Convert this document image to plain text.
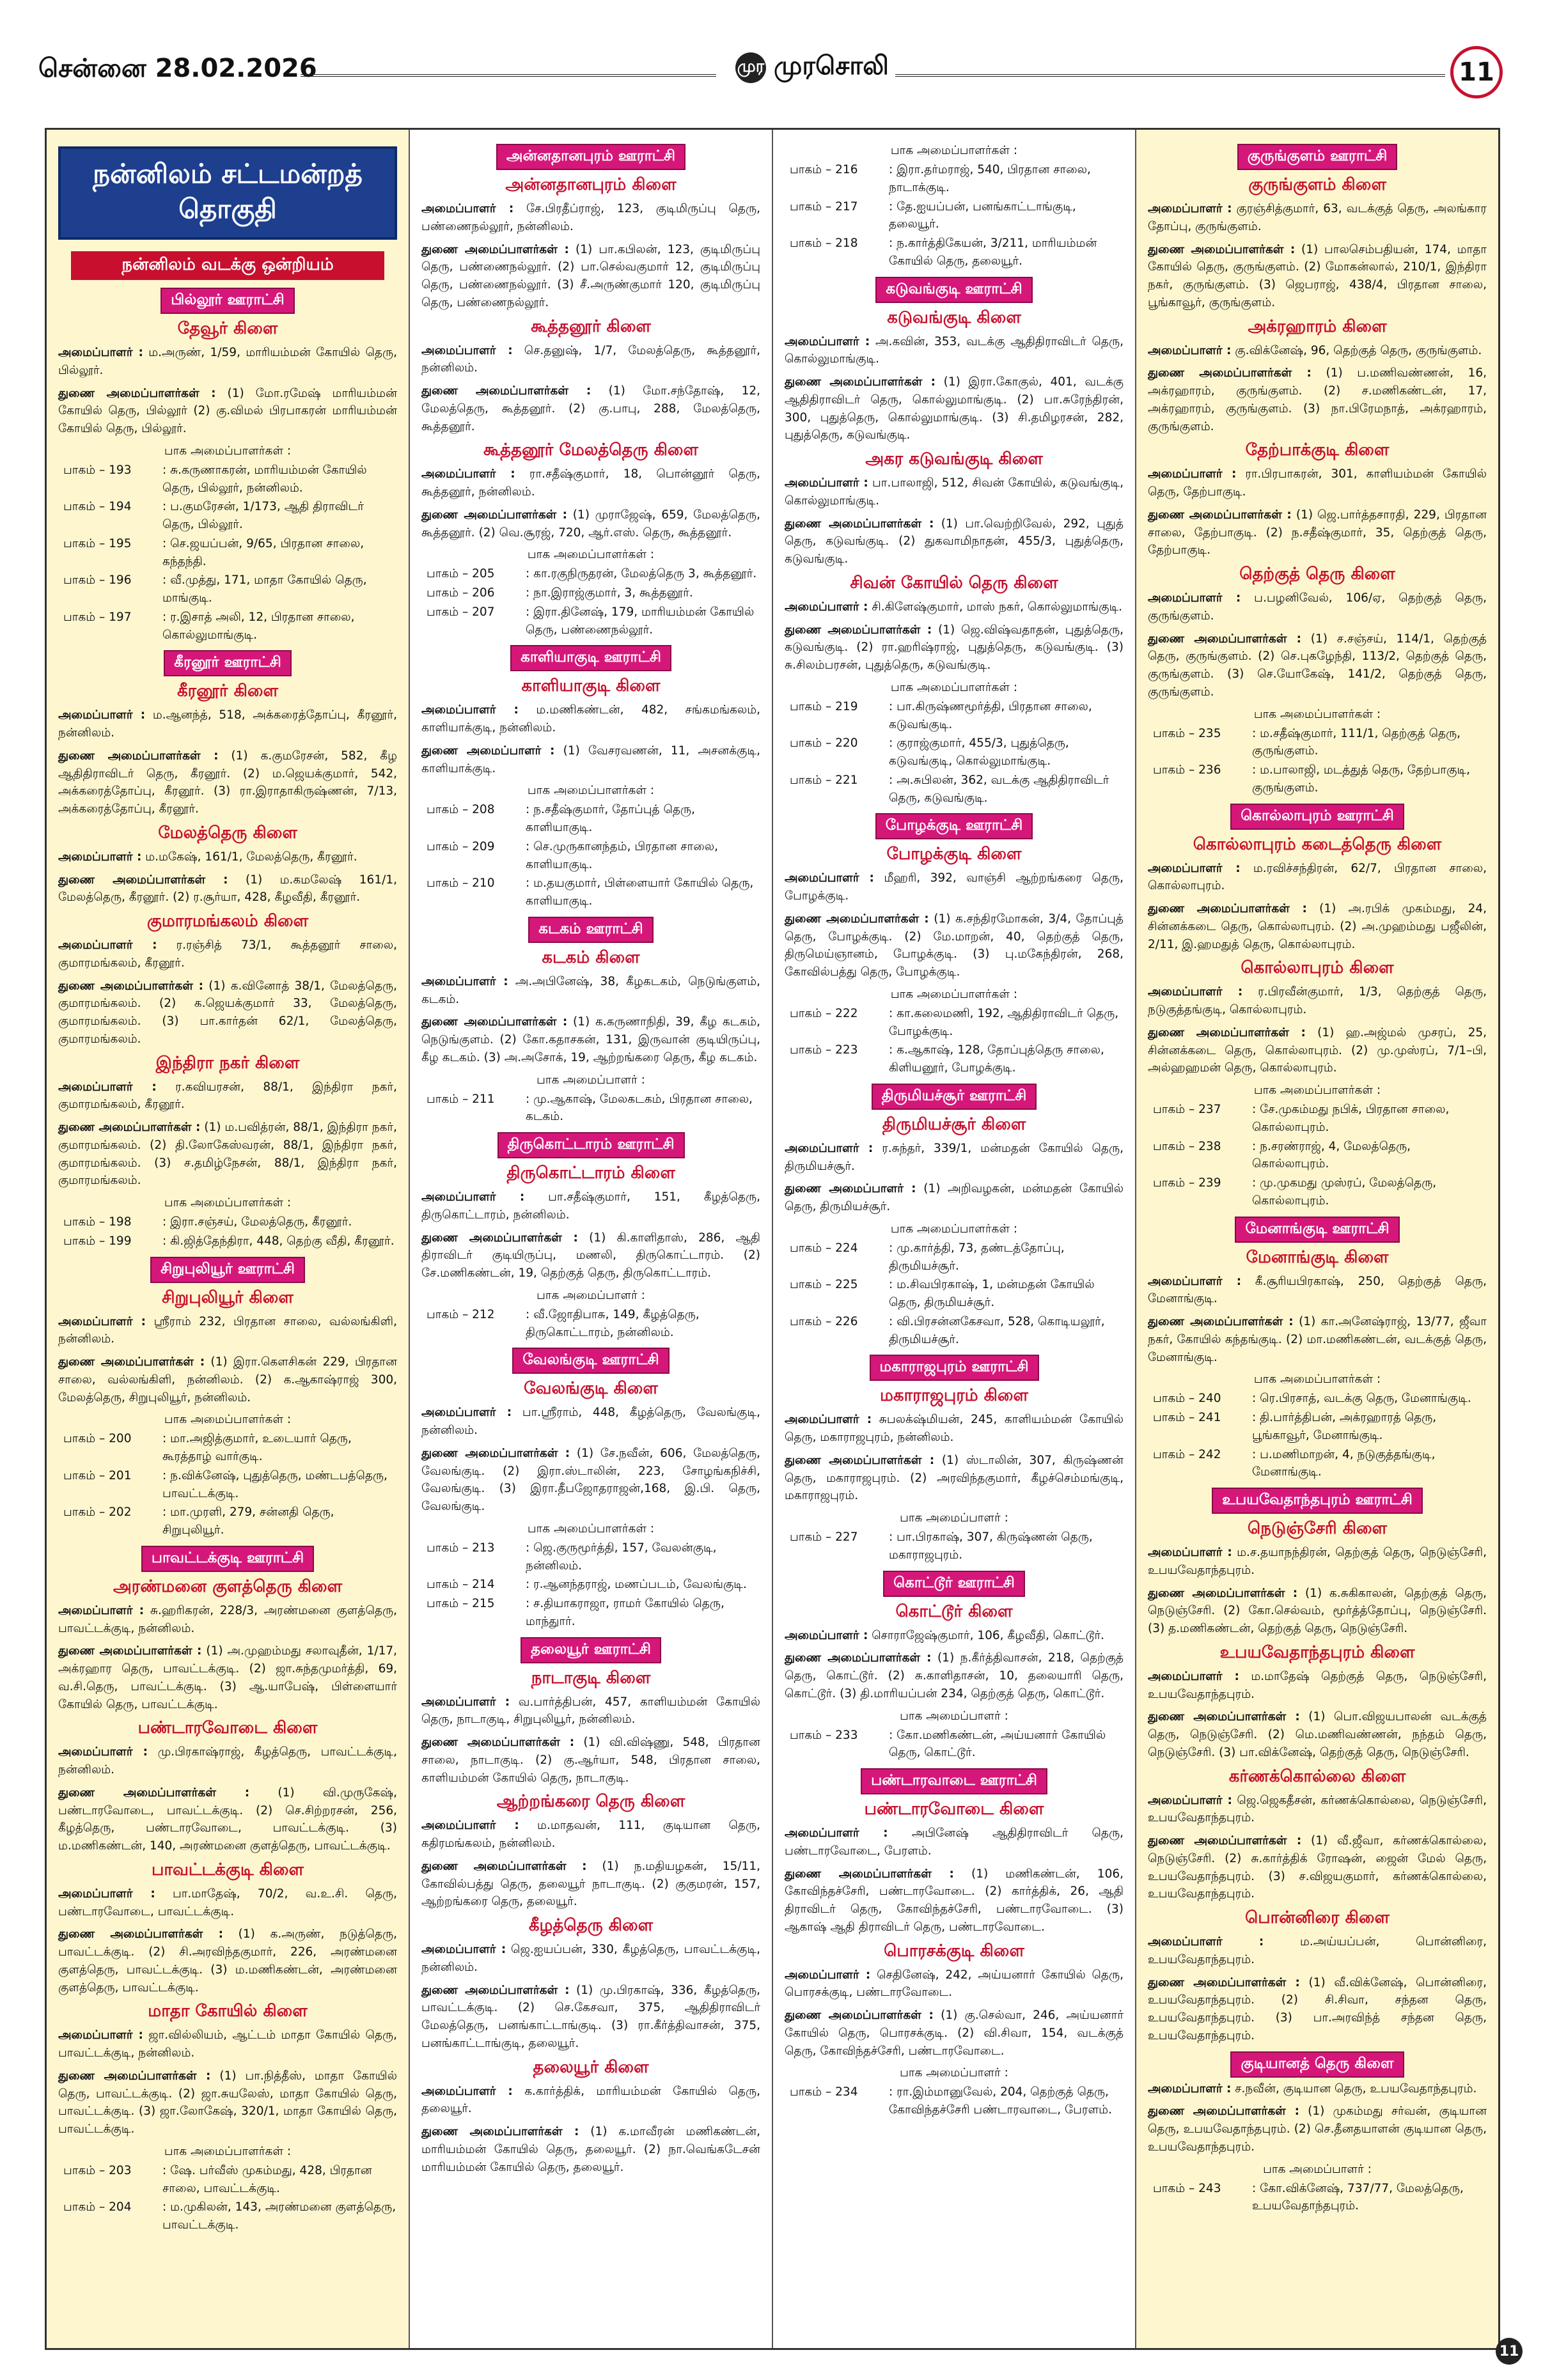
சென்னை 28.02.2026	முர முரசொலி	11
நன்னிலம் சட்டமன்றத் தொகுதி
நன்னிலம் வடக்கு ஒன்றியம்
பில்லூர் ஊராட்சி
தேவூர் கிளை

அமைப்பாளர் : ம.அருண், 1/59, மாரியம்மன் கோயில் தெரு, பில்லூர்.

துணை அமைப்பாளர்கள் : (1) மோ.ரமேஷ் மாரியம்மன் கோயில் தெரு, பில்லூர் (2) கு.விமல் பிரபாகரன் மாரியம்மன் கோயில் தெரு, பில்லூர்.

பாக அமைப்பாளர்கள் :
பாகம் – 193	: சு.கருணாகரன், மாரியம்மன் கோயில் தெரு, பில்லூர், நன்னிலம்.
பாகம் – 194	: ப.குமரேசன், 1/173, ஆதி திராவிடர் தெரு, பில்லூர்.
பாகம் – 195	: செ.ஜயப்பன், 9/65, பிரதான சாலை, கந்தந்தி.
பாகம் – 196	: வீ.முத்து, 171, மாதா கோயில் தெரு, மாங்குடி.
பாகம் – 197	: ர.இசாத் அலி, 12, பிரதான சாலை, கொல்லுமாங்குடி.
கீரனூர் ஊராட்சி
கீரனூர் கிளை

அமைப்பாளர் : ம.ஆனந்த், 518, அக்கரைத்தோப்பு, கீரனூர், நன்னிலம்.

துணை அமைப்பாளர்கள் : (1) க.குமரேசன், 582, கீழ ஆதிதிராவிடர் தெரு, கீரனூர். (2) ம.ஜெயக்குமார், 542, அக்கரைத்தோப்பு, கீரனூர். (3) ரா.இராதாகிருஷ்ணன், 7/13, அக்கரைத்தோப்பு, கீரனூர்.

மேலத்தெரு கிளை

அமைப்பாளர் : ம.மகேஷ், 161/1, மேலத்தெரு, கீரனூர்.

துணை அமைப்பாளர்கள் : (1) ம.கமலேஷ் 161/1, மேலத்தெரு, கீரனூர். (2) ர.சூர்யா, 428, கீழவீதி, கீரனூர்.

குமாரமங்கலம் கிளை

அமைப்பாளர் : ர.ரஞ்சித் 73/1, கூத்தனூர் சாலை, குமாரமங்கலம், கீரனூர்.

துணை அமைப்பாளர்கள் : (1) க.வினோத் 38/1, மேலத்தெரு, குமாரமங்கலம். (2) க.ஜெயக்குமார் 33, மேலத்தெரு, குமாரமங்கலம். (3) பா.கார்தன் 62/1, மேலத்தெரு, குமாரமங்கலம்.

இந்திரா நகர் கிளை

அமைப்பாளர் : ர.கவியரசன், 88/1, இந்திரா நகர், குமாரமங்கலம், கீரனூர்.

துணை அமைப்பாளர்கள் : (1) ம.பவித்ரன், 88/1, இந்திரா நகர், குமாரமங்கலம். (2) தி.லோகேஸ்வரன், 88/1, இந்திரா நகர், குமாரமங்கலம். (3) ச.தமிழ்நேசன், 88/1, இந்திரா நகர், குமாரமங்கலம்.

பாக அமைப்பாளர்கள் :
பாகம் – 198	: இரா.சஞ்சய், மேலத்தெரு, கீரனூர்.
பாகம் – 199	: கி.ஜித்தேந்திரா, 448, தெற்கு வீதி, கீரனூர்.
சிறுபுலியூர் ஊராட்சி
சிறுபுலியூர் கிளை

அமைப்பாளர் : ஸ்ரீராம் 232, பிரதான சாலை, வல்லங்கிளி, நன்னிலம்.

துணை அமைப்பாளர்கள் : (1) இரா.கௌசிகன் 229, பிரதான சாலை, வல்லங்கிளி, நன்னிலம். (2) க.ஆகாஷ்ராஜ் 300, மேலத்தெரு, சிறுபுலியூர், நன்னிலம்.

பாக அமைப்பாளர்கள் :
பாகம் – 200	: மா.அஜித்குமார், உடையார் தெரு, கூரத்தாழ் வார்குடி.
பாகம் – 201	: ந.விக்னேஷ், புதுத்தெரு, மண்டபத்தெரு, பாவட்டக்குடி.
பாகம் – 202	: மா.முரளி, 279, சன்னதி தெரு, சிறுபுலியூர்.
பாவட்டக்குடி ஊராட்சி
அரண்மனை குளத்தெரு கிளை

அமைப்பாளர் : சு.ஹரிகரன், 228/3, அரண்மனை குளத்தெரு, பாவட்டக்குடி, நன்னிலம்.

துணை அமைப்பாளர்கள் : (1) அ.முஹம்மது சலாவுதீன், 1/17, அக்ரஹார தெரு, பாவட்டக்குடி. (2) ஜா.சுந்தமுமர்த்தி, 69, வ.சி.தெரு, பாவட்டக்குடி. (3) ஆ.யாபேஷ், பிள்ளையார் கோயில் தெரு, பாவட்டக்குடி.

பண்டாரவோடை கிளை

அமைப்பாளர் : மு.பிரகாஷ்ராஜ், கீழத்தெரு, பாவட்டக்குடி, நன்னிலம்.

துணை அமைப்பாளர்கள் : (1) வி.முருகேஷ், பண்டாரவோடை, பாவட்டக்குடி. (2) செ.சிற்றரசன், 256, கீழத்தெரு, பண்டாரவோடை, பாவட்டக்குடி. (3) ம.மணிகண்டன், 140, அரண்மனை குளத்தெரு, பாவட்டக்குடி.

பாவட்டக்குடி கிளை

அமைப்பாளர் : பா.மாதேஷ், 70/2, வ.உ.சி. தெரு, பண்டாரவோடை, பாவட்டக்குடி.

துணை அமைப்பாளர்கள் : (1) க.அருண், நடுத்தெரு, பாவட்டக்குடி. (2) சி.அரவிந்தகுமார், 226, அரண்மனை குளத்தெரு, பாவட்டக்குடி. (3) ம.மணிகண்டன், அரண்மனை குளத்தெரு, பாவட்டக்குடி.

மாதா கோயில் கிளை

அமைப்பாளர் : ஜா.வில்லியம், ஆட்டம் மாதா கோயில் தெரு, பாவட்டக்குடி, நன்னிலம்.

துணை அமைப்பாளர்கள் : (1) பா.நித்தீஸ், மாதா கோயில் தெரு, பாவட்டக்குடி. (2) ஜா.சுயலேஸ், மாதா கோயில் தெரு, பாவட்டக்குடி. (3) ஜா.லோகேஷ், 320/1, மாதா கோயில் தெரு, பாவட்டக்குடி.

பாக அமைப்பாளர்கள் :
பாகம் – 203	: ஷே. பர்வீஸ் முகம்மது, 428, பிரதான சாலை, பாவட்டக்குடி.
பாகம் – 204	: ம.முகிலன், 143, அரண்மனை குளத்தெரு, பாவட்டக்குடி.
அன்னதானபுரம் ஊராட்சி
அன்னதானபுரம் கிளை

அமைப்பாளர் : சே.பிரதீப்ராஜ், 123, குடிமிருப்பு தெரு, பண்ணைநல்லூர், நன்னிலம்.

துணை அமைப்பாளர்கள் : (1) பா.கபிலன், 123, குடிமிருப்பு தெரு, பண்ணைநல்லூர். (2) பா.செல்வகுமார் 12, குடிமிருப்பு தெரு, பண்ணைநல்லூர். (3) சீ.அருண்குமார் 120, குடிமிருப்பு தெரு, பண்ணைநல்லூர்.

கூத்தனூர் கிளை

அமைப்பாளர் : செ.தனுஷ், 1/7, மேலத்தெரு, கூத்தனூர், நன்னிலம்.

துணை அமைப்பாளர்கள் : (1) மோ.சந்தோஷ், 12, மேலத்தெரு, கூத்தனூர். (2) கு.பாபு, 288, மேலத்தெரு, கூத்தனூர்.

கூத்தனூர் மேலத்தெரு கிளை

அமைப்பாளர் : ரா.சதீஷ்குமார், 18, பொன்னூர் தெரு, கூத்தனூர், நன்னிலம்.

துணை அமைப்பாளர்கள் : (1) முராஜேஷ், 659, மேலத்தெரு, கூத்தனூர். (2) வெ.சூரஜ், 720, ஆர்.எஸ். தெரு, கூத்தனூர்.

பாக அமைப்பாளர்கள் :
பாகம் – 205	: கா.ரகுநிருதரன், மேலத்தெரு 3, கூத்தனூர்.
பாகம் – 206	: நா.இராஜ்குமார், 3, கூத்தனூர்.
பாகம் – 207	: இரா.தினேஷ், 179, மாரியம்மன் கோயில் தெரு, பண்ணைநல்லூர்.
காளியாகுடி ஊராட்சி
காளியாகுடி கிளை

அமைப்பாளர் : ம.மணிகண்டன், 482, சங்கமங்கலம், காளியாக்குடி, நன்னிலம்.

துணை அமைப்பாளர் : (1) வேசரவணன், 11, அசனக்குடி, காளியாக்குடி.

பாக அமைப்பாளர்கள் :
பாகம் – 208	: ந.சதீஷ்குமார், தோப்புத் தெரு, காளியாகுடி.
பாகம் – 209	: செ.முருகானந்தம், பிரதான சாலை, காளியாகுடி.
பாகம் – 210	: ம.தயகுமார், பிள்ளையார் கோயில் தெரு, காளியாகுடி.
கடகம் ஊராட்சி
கடகம் கிளை

அமைப்பாளர் : அ.அபினேஷ், 38, கீழகடகம், நெடுங்குளம், கடகம்.

துணை அமைப்பாளர்கள் : (1) க.கருணாநிதி, 39, கீழ கடகம், நெடுங்குளம். (2) கோ.கதாசகன், 131, இருவான் குடியிருப்பு, கீழ கடகம். (3) அ.அசோக், 19, ஆற்றங்கரை தெரு, கீழ கடகம்.

பாக அமைப்பாளர் :
பாகம் – 211	: மு.ஆகாஷ், மேலகடகம், பிரதான சாலை, கடகம்.
திருகொட்டாரம் ஊராட்சி
திருகொட்டாரம் கிளை

அமைப்பாளர் : பா.சதீஷ்குமார், 151, கீழத்தெரு, திருகொட்டாரம், நன்னிலம்.

துணை அமைப்பாளர்கள் : (1) கி.காளிதாஸ், 286, ஆதி திராவிடர் குடியிருப்பு, மணலி, திருகொட்டாரம். (2) சே.மணிகண்டன், 19, தெற்குத் தெரு, திருகொட்டாரம்.

பாக அமைப்பாளர் :
பாகம் – 212	: வீ.ஜோதிபாசு, 149, கீழத்தெரு, திருகொட்டாரம், நன்னிலம்.
வேலங்குடி ஊராட்சி
வேலங்குடி கிளை

அமைப்பாளர் : பா.ஸ்ரீராம், 448, கீழத்தெரு, வேலங்குடி, நன்னிலம்.

துணை அமைப்பாளர்கள் : (1) சே.நவீன், 606, மேலத்தெரு, வேலங்குடி. (2) இரா.ஸ்டாலின், 223, சோழங்கநிச்சி, வேலங்குடி. (3) இரா.தீபஜோதராஜன்,168, இ.பி. தெரு, வேலங்குடி.

பாக அமைப்பாளர்கள் :
பாகம் – 213	: ஜெ.குருமூர்த்தி, 157, வேலன்குடி, நன்னிலம்.
பாகம் – 214	: ர.ஆனந்தராஜ், மணப்படம், வேலங்குடி.
பாகம் – 215	: ச.தியாகராஜா, ராமர் கோயில் தெரு, மாந்துார்.
தலையூர் ஊராட்சி
நாடாகுடி கிளை

அமைப்பாளர் : வ.பார்த்திபன், 457, காளியம்மன் கோயில் தெரு, நாடாகுடி, சிறுபுலியூர், நன்னிலம்.

துணை அமைப்பாளர்கள் : (1) வி.விஷ்ணு, 548, பிரதான சாலை, நாடாகுடி. (2) கு.ஆர்யா, 548, பிரதான சாலை, காளியம்மன் கோயில் தெரு, நாடாகுடி.

ஆற்றங்கரை தெரு கிளை

அமைப்பாளர் : ம.மாதவன், 111, குடியான தெரு, கதிரமங்கலம், நன்னிலம்.

துணை அமைப்பாளர்கள் : (1) ந.மதியழகன், 15/11, கோவில்பத்து தெரு, தலையூர் நாடாகுடி. (2) குகுமரன், 157, ஆற்றங்கரை தெரு, தலையூர்.

கீழத்தெரு கிளை

அமைப்பாளர் : ஜெ.ஐயப்பன், 330, கீழத்தெரு, பாவட்டக்குடி, நன்னிலம்.

துணை அமைப்பாளர்கள் : (1) மு.பிரகாஷ், 336, கீழத்தெரு, பாவட்டக்குடி. (2) செ.கேசவா, 375, ஆதிதிராவிடர் மேலத்தெரு, பனங்காட்டாங்குடி. (3) ரா.கீர்த்திவாசன், 375, பனங்காட்டாங்குடி, தலையூர்.

தலையூர் கிளை

அமைப்பாளர் : க.கார்த்திக், மாரியம்மன் கோயில் தெரு, தலையூர்.

துணை அமைப்பாளர்கள் : (1) க.மாவீரன் மணிகண்டன், மாரியம்மன் கோயில் தெரு, தலையூர். (2) நா.வெங்கடேசன் மாரியம்மன் கோயில் தெரு, தலையூர்.

பாக அமைப்பாளர்கள் :
பாகம் – 216	: இரா.தர்மராஜ், 540, பிரதான சாலை, நாடாக்குடி.
பாகம் – 217	: தே.ஐயப்பன், பனங்காட்டாங்குடி, தலையூர்.
பாகம் – 218	: ந.கார்த்திகேயன், 3/211, மாரியம்மன் கோயில் தெரு, தலையூர்.
கடுவங்குடி ஊராட்சி
கடுவங்குடி கிளை

அமைப்பாளர் : அ.கவின், 353, வடக்கு ஆதிதிராவிடர் தெரு, கொல்லுமாங்குடி.

துணை அமைப்பாளர்கள் : (1) இரா.கோகுல், 401, வடக்கு ஆதிதிராவிடர் தெரு, கொல்லுமாங்குடி. (2) பா.சுரேந்திரன், 300, புதுத்தெரு, கொல்லுமாங்குடி. (3) சி.தமிழரசன், 282, புதுத்தெரு, கடுவங்குடி.

அகர கடுவங்குடி கிளை

அமைப்பாளர் : பா.பாலாஜி, 512, சிவன் கோயில், கடுவங்குடி, கொல்லுமாங்குடி.

துணை அமைப்பாளர்கள் : (1) பா.வெற்றிவேல், 292, புதுத் தெரு, கடுவங்குடி. (2) துகவாமிநாதன், 455/3, புதுத்தெரு, கடுவங்குடி.

சிவன் கோயில் தெரு கிளை

அமைப்பாளர் : சி.கிளேஷ்குமார், மாஸ் நகர், கொல்லுமாங்குடி.

துணை அமைப்பாளர்கள் : (1) ஜெ.விஷ்வதாதன், புதுத்தெரு, கடுவங்குடி. (2) ரா.ஹரிஷ்ராஜ், புதுத்தெரு, கடுவங்குடி. (3) சு.சிலம்பரசன், புதுத்தெரு, கடுவங்குடி.

பாக அமைப்பாளர்கள் :
பாகம் – 219	: பா.கிருஷ்ணமூர்த்தி, பிரதான சாலை, கடுவங்குடி.
பாகம் – 220	: குராஜ்குமார், 455/3, புதுத்தெரு, கடுவங்குடி, கொல்லுமாங்குடி.
பாகம் – 221	: அ.சுபிலன், 362, வடக்கு ஆதிதிராவிடர் தெரு, கடுவங்குடி.
போழக்குடி ஊராட்சி
போழக்குடி கிளை

அமைப்பாளர் : மீஹரி, 392, வாஞ்சி ஆற்றங்கரை தெரு, போழக்குடி.

துணை அமைப்பாளர்கள் : (1) க.சந்திரமோகன், 3/4, தோப்புத் தெரு, போழக்குடி. (2) மே.மாறன், 40, தெற்குத் தெரு, திருமெய்ஞானம், போழக்குடி. (3) பு.மகேந்திரன், 268, கோவில்பத்து தெரு, போழக்குடி.

பாக அமைப்பாளர்கள் :
பாகம் – 222	: கா.கலைமணி, 192, ஆதிதிராவிடர் தெரு, போழக்குடி.
பாகம் – 223	: க.ஆகாஷ், 128, தோப்புத்தெரு சாலை, கிளியனூர், போழக்குடி.
திருமியச்சூர் ஊராட்சி
திருமியச்சூர் கிளை

அமைப்பாளர் : ர.சுந்தர், 339/1, மன்மதன் கோயில் தெரு, திருமியச்சூர்.

துணை அமைப்பாளர் : (1) அறிவழகன், மன்மதன் கோயில் தெரு, திருமியச்சூர்.

பாக அமைப்பாளர்கள் :
பாகம் – 224	: மு.கார்த்தி, 73, தண்டத்தோப்பு, திருமியச்சூர்.
பாகம் – 225	: ம.சிவபிரகாஷ், 1, மன்மதன் கோயில் தெரு, திருமியச்சூர்.
பாகம் – 226	: வி.பிரசன்னகேசவா, 528, கொடியலூர், திருமியச்சூர்.
மகாராஜபுரம் ஊராட்சி
மகாராஜபுரம் கிளை

அமைப்பாளர் : சுபலக்‌ஷ்மியன், 245, காளியம்மன் கோயில் தெரு, மகாராஜபுரம், நன்னிலம்.

துணை அமைப்பாளர்கள் : (1) ஸ்டாலின், 307, கிருஷ்ணன் தெரு, மகாராஜபுரம். (2) அரவிந்தகுமார், கீழச்செம்மங்குடி, மகாராஜபுரம்.

பாக அமைப்பாளர் :
பாகம் – 227	: பா.பிரகாஷ், 307, கிருஷ்ணன் தெரு, மகாராஜபுரம்.
கொட்டூர் ஊராட்சி
கொட்டூர் கிளை

அமைப்பாளர் : சொராஜேஷ்குமார், 106, கீழவீதி, கொட்டூர்.

துணை அமைப்பாளர்கள் : (1) ந.கீர்த்திவாசன், 218, தெற்குத் தெரு, கொட்டூர். (2) சு.காளிதாசன், 10, தலையாரி தெரு, கொட்டூர். (3) தி.மாரியப்பன் 234, தெற்குத் தெரு, கொட்டூர்.

பாக அமைப்பாளர் :
பாகம் – 233	: கோ.மணிகண்டன், அய்யனார் கோயில் தெரு, கொட்டூர்.
பண்டாரவாடை ஊராட்சி
பண்டாரவோடை கிளை

அமைப்பாளர் : அபினேஷ் ஆதிதிராவிடர் தெரு, பண்டாரவோடை, பேரளம்.

துணை அமைப்பாளர்கள் : (1) மணிகண்டன், 106, கோவிந்தச்சேரி, பண்டாரவோடை. (2) கார்த்திக், 26, ஆதி திராவிடர் தெரு, கோவிந்தச்சேரி, பண்டாரவோடை. (3) ஆகாஷ் ஆதி திராவிடர் தெரு, பண்டாரவோடை.

பொரசக்குடி கிளை

அமைப்பாளர் : செதினேஷ், 242, அய்யனார் கோயில் தெரு, பொரசக்குடி, பண்டாரவோடை.

துணை அமைப்பாளர்கள் : (1) கு.செல்வா, 246, அய்யனார் கோயில் தெரு, பொரசக்குடி. (2) வி.சிவா, 154, வடக்குத் தெரு, கோவிந்தச்சேரி, பண்டாரவோடை.

பாக அமைப்பாளர் :
பாகம் – 234	: ரா.இம்மானுவேல், 204, தெற்குத் தெரு, கோவிந்தச்சேரி பண்டாரவாடை, பேரளம்.
குருங்குளம் ஊராட்சி
குருங்குளம் கிளை

அமைப்பாளர் : குரஞ்சித்குமார், 63, வடக்குத் தெரு, அலங்கார தோப்பு, குருங்குளம்.

துணை அமைப்பாளர்கள் : (1) பாலசெம்பதியன், 174, மாதா கோயில் தெரு, குருங்குளம். (2) மோகன்லால், 210/1, இந்திரா நகர், குருங்குளம். (3) ஜெபராஜ், 438/4, பிரதான சாலை, பூங்காவூர், குருங்குளம்.

அக்ரஹாரம் கிளை

அமைப்பாளர் : கு.விக்னேஷ், 96, தெற்குத் தெரு, குருங்குளம்.

துணை அமைப்பாளர்கள் : (1) ப.மணிவண்ணன், 16, அக்ரஹாரம், குருங்குளம். (2) ச.மணிகண்டன், 17, அக்ரஹாரம், குருங்குளம். (3) நா.பிரேமநாத், அக்ரஹாரம், குருங்குளம்.

தேற்பாக்குடி கிளை

அமைப்பாளர் : ரா.பிரபாகரன், 301, காளியம்மன் கோயில் தெரு, தேற்பாகுடி.

துணை அமைப்பாளர்கள் : (1) ஜெ.பார்த்தசாரதி, 229, பிரதான சாலை, தேற்பாகுடி. (2) ந.சதீஷ்குமார், 35, தெற்குத் தெரு, தேற்பாகுடி.

தெற்குத் தெரு கிளை

அமைப்பாளர் : ப.பழனிவேல், 106/ஏ, தெற்குத் தெரு, குருங்குளம்.

துணை அமைப்பாளர்கள் : (1) ச.சஞ்சய், 114/1, தெற்குத் தெரு, குருங்குளம். (2) செ.புகழேந்தி, 113/2, தெற்குத் தெரு, குருங்குளம். (3) செ.யோகேஷ், 141/2, தெற்குத் தெரு, குருங்குளம்.

பாக அமைப்பாளர்கள் :
பாகம் – 235	: ம.சதீஷ்குமார், 111/1, தெற்குத் தெரு, குருங்குளம்.
பாகம் – 236	: ம.பாலாஜி, மடத்துத் தெரு, தேற்பாகுடி, குருங்குளம்.
கொல்லாபுரம் ஊராட்சி
கொல்லாபுரம் கடைத்தெரு கிளை

அமைப்பாளர் : ம.ரவிச்சந்திரன், 62/7, பிரதான சாலை, கொல்லாபுரம்.

துணை அமைப்பாளர்கள் : (1) அ.ரபிக் முகம்மது, 24, சின்னக்கடை தெரு, கொல்லாபுரம். (2) அ.முஹம்மது பஜீலின், 2/11, இ.ஹமதுத் தெரு, கொல்லாபுரம்.

கொல்லாபுரம் கிளை

அமைப்பாளர் : ர.பிரவீன்குமார், 1/3, தெற்குத் தெரு, நடுகுத்தங்குடி, கொல்லாபுரம்.

துணை அமைப்பாளர்கள் : (1) ஹ.அஜ்மல் முசரப், 25, சின்னக்கடை தெரு, கொல்லாபுரம். (2) மு.முஸ்ரப், 7/1–பி, அல்ஹஹமன் தெரு, கொல்லாபுரம்.

பாக அமைப்பாளர்கள் :
பாகம் – 237	: சே.முகம்மது நபிக், பிரதான சாலை, கொல்லாபுரம்.
பாகம் – 238	: ந.சரண்ராஜ், 4, மேலத்தெரு, கொல்லாபுரம்.
பாகம் – 239	: மு.முகமது முஸ்ரப், மேலத்தெரு, கொல்லாபுரம்.
மேனாங்குடி ஊராட்சி
மேனாங்குடி கிளை

அமைப்பாளர் : கீ.சூரியபிரகாஷ், 250, தெற்குத் தெரு, மேனாங்குடி.

துணை அமைப்பாளர்கள் : (1) கா.அனேஷ்ராஜ், 13/77, ஜீவா நகர், கோயில் கந்தங்குடி. (2) மா.மணிகண்டன், வடக்குத் தெரு, மேனாங்குடி.

பாக அமைப்பாளர்கள் :
பாகம் – 240	: ரெ.பிரசாத், வடக்கு தெரு, மேனாங்குடி.
பாகம் – 241	: தி.பார்த்திபன், அக்ரஹாரத் தெரு, பூங்காவூர், மேனாங்குடி.
பாகம் – 242	: ப.மணிமாறன், 4, நடுகுத்தங்குடி, மேனாங்குடி.
உபயவேதாந்தபுரம் ஊராட்சி
நெடுஞ்சேரி கிளை

அமைப்பாளர் : ம.ச.தயாநந்திரன், தெற்குத் தெரு, நெடுஞ்சேரி, உபயவேதாந்தபுரம்.

துணை அமைப்பாளர்கள் : (1) க.சுகிகாலன், தெற்குத் தெரு, நெடுஞ்சேரி. (2) கோ.செல்வம், மூர்த்த்தோப்பு, நெடுஞ்சேரி. (3) த.மணிகண்டன், தெற்குத் தெரு, நெடுஞ்சேரி.

உபயவேதாந்தபுரம் கிளை

அமைப்பாளர் : ம.மாதேஷ் தெற்குத் தெரு, நெடுஞ்சேரி, உபயவேதாந்தபுரம்.

துணை அமைப்பாளர்கள் : (1) பொ.விஜயபாலன் வடக்குத் தெரு, நெடுஞ்சேரி. (2) மெ.மணிவண்ணன், நந்தம் தெரு, நெடுஞ்சேரி. (3) பா.விக்னேஷ், தெற்குத் தெரு, நெடுஞ்சேரி.

கர்ணக்கொல்லை கிளை

அமைப்பாளர் : ஜெ.ஜெகதீசன், கர்ணக்கொல்லை, நெடுஞ்சேரி, உபயவேதாந்தபுரம்.

துணை அமைப்பாளர்கள் : (1) வீ.ஜீவா, கர்ணக்கொல்லை, நெடுஞ்சேரி. (2) சு.கார்த்திக் ரோஷன், ஜைன் மேல் தெரு, உபயவேதாந்தபுரம். (3) ச.விஜயகுமார், கர்ணக்கொல்லை, உபயவேதாந்தபுரம்.

பொன்னிரை கிளை

அமைப்பாளர் : ம.அய்யப்பன், பொன்னிரை, உபயவேதாந்தபுரம்.

துணை அமைப்பாளர்கள் : (1) வீ.விக்னேஷ், பொன்னிரை, உபயவேதாந்தபுரம். (2) சி.சிவா, சந்தன தெரு, உபயவேதாந்தபுரம். (3) பா.அரவிந்த் சந்தன தெரு, உபயவேதாந்தபுரம்.

குடியானத் தெரு கிளை

அமைப்பாளர் : ச.நவீன், குடியான தெரு, உபயவேதாந்தபுரம்.

துணை அமைப்பாளர்கள் : (1) முகம்மது சர்வன், குடியான தெரு, உபயவேதாந்தபுரம். (2) செ.தீனதயாளன் குடியான தெரு, உபயவேதாந்தபுரம்.

பாக அமைப்பாளர் :
பாகம் – 243	: கோ.விக்னேஷ், 737/77, மேலத்தெரு, உபயவேதாந்தபுரம்.
11
